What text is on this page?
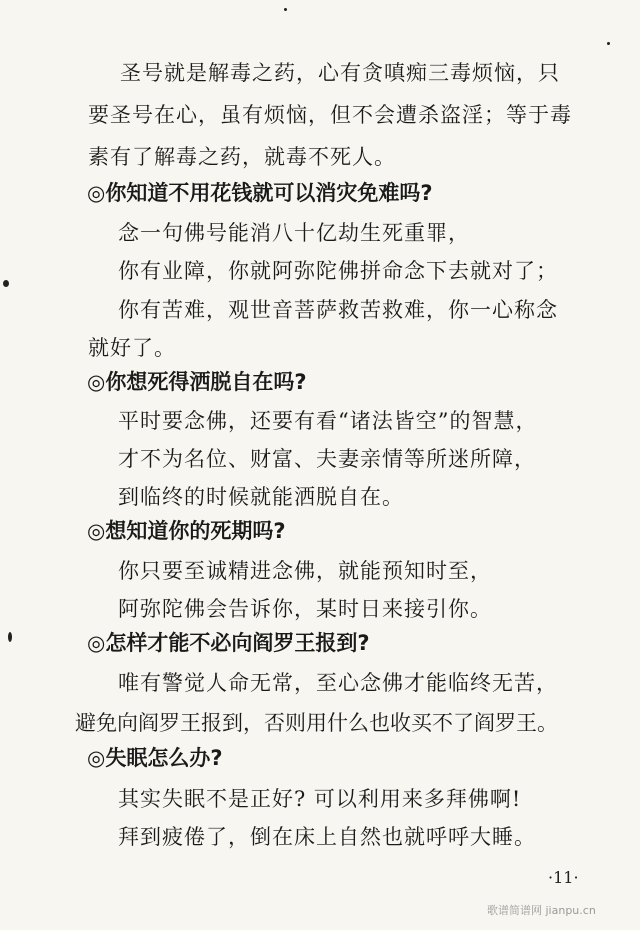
圣号就是解毒之药，心有贪嗔痴三毒烦恼，只
要圣号在心，虽有烦恼，但不会遭杀盗淫；等于毒
素有了解毒之药，就毒不死人。
◎你知道不用花钱就可以消灾免难吗?
念一句佛号能消八十亿劫生死重罪，
你有业障，你就阿弥陀佛拼命念下去就对了；
你有苦难，观世音菩萨救苦救难，你一心称念
就好了。
◎你想死得洒脱自在吗?
平时要念佛，还要有看“诸法皆空”的智慧，
才不为名位、财富、夫妻亲情等所迷所障，
到临终的时候就能洒脱自在。
◎想知道你的死期吗?
你只要至诚精进念佛，就能预知时至，
阿弥陀佛会告诉你，某时日来接引你。
◎怎样才能不必向阎罗王报到?
唯有警觉人命无常，至心念佛才能临终无苦，
避免向阎罗王报到，否则用什么也收买不了阎罗王。
◎失眠怎么办?
其实失眠不是正好? 可以利用来多拜佛啊!
拜到疲倦了，倒在床上自然也就呼呼大睡。
·11·
歌谱简谱网 jianpu.cn
